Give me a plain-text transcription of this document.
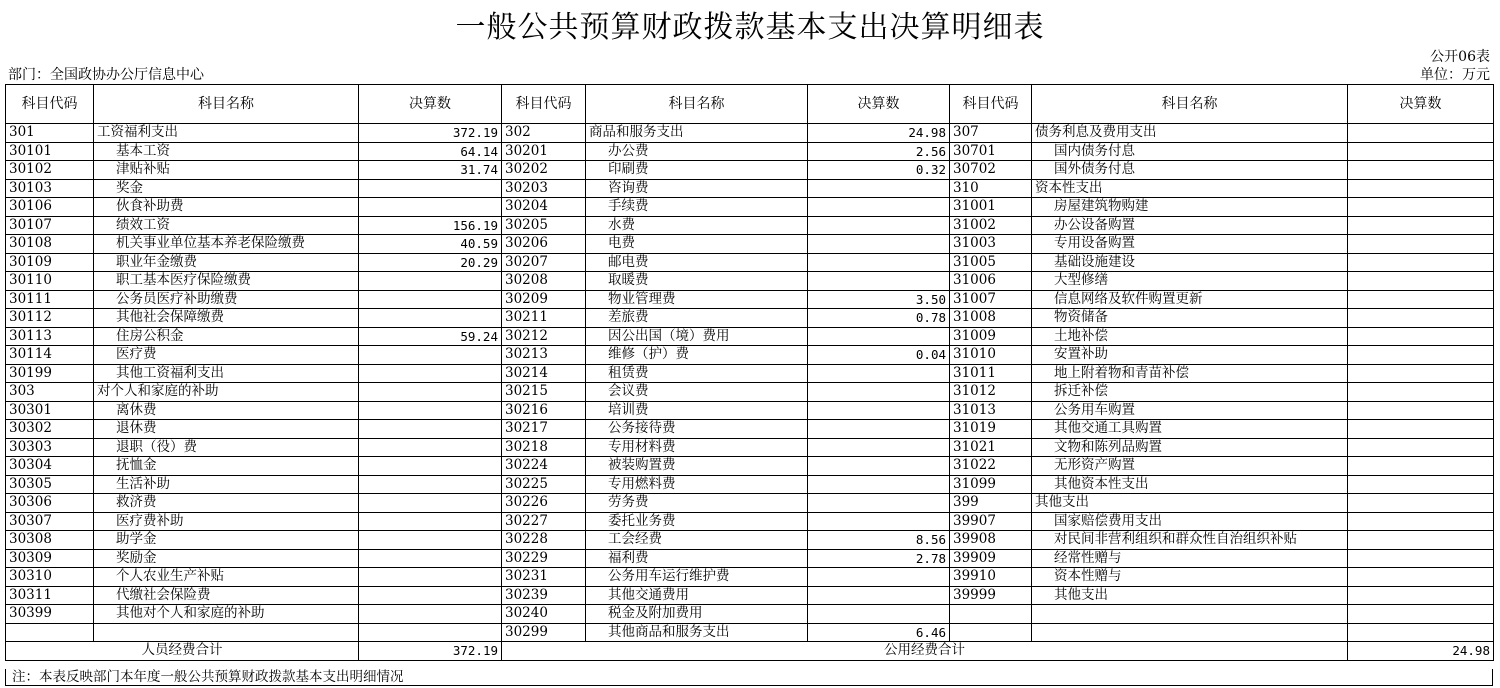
一般公共预算财政拨款基本支出决算明细表
公开06表
部门：全国政协办公厅信息中心	单位：万元
科目代码	科目名称	决算数	科目代码	科目名称	决算数	科目代码	科目名称	决算数
301	工资福利支出	372.19	302	商品和服务支出	24.98	307	债务利息及费用支出	
30101	基本工资	64.14	30201	办公费	2.56	30701	国内债务付息	
30102	津贴补贴	31.74	30202	印刷费	0.32	30702	国外债务付息	
30103	奖金		30203	咨询费		310	资本性支出	
30106	伙食补助费		30204	手续费		31001	房屋建筑物购建	
30107	绩效工资	156.19	30205	水费		31002	办公设备购置	
30108	机关事业单位基本养老保险缴费	40.59	30206	电费		31003	专用设备购置	
30109	职业年金缴费	20.29	30207	邮电费		31005	基础设施建设	
30110	职工基本医疗保险缴费		30208	取暖费		31006	大型修缮	
30111	公务员医疗补助缴费		30209	物业管理费	3.50	31007	信息网络及软件购置更新	
30112	其他社会保障缴费		30211	差旅费	0.78	31008	物资储备	
30113	住房公积金	59.24	30212	因公出国（境）费用		31009	土地补偿	
30114	医疗费		30213	维修（护）费	0.04	31010	安置补助	
30199	其他工资福利支出		30214	租赁费		31011	地上附着物和青苗补偿	
303	对个人和家庭的补助		30215	会议费		31012	拆迁补偿	
30301	离休费		30216	培训费		31013	公务用车购置	
30302	退休费		30217	公务接待费		31019	其他交通工具购置	
30303	退职（役）费		30218	专用材料费		31021	文物和陈列品购置	
30304	抚恤金		30224	被装购置费		31022	无形资产购置	
30305	生活补助		30225	专用燃料费		31099	其他资本性支出	
30306	救济费		30226	劳务费		399	其他支出	
30307	医疗费补助		30227	委托业务费		39907	国家赔偿费用支出	
30308	助学金		30228	工会经费	8.56	39908	对民间非营利组织和群众性自治组织补贴	
30309	奖励金		30229	福利费	2.78	39909	经常性赠与	
30310	个人农业生产补贴		30231	公务用车运行维护费		39910	资本性赠与	
30311	代缴社会保险费		30239	其他交通费用		39999	其他支出	
30399	其他对个人和家庭的补助		30240	税金及附加费用				
			30299	其他商品和服务支出	6.46			
人员经费合计		372.19	公用经费合计					24.98
注：本表反映部门本年度一般公共预算财政拨款基本支出明细情况
